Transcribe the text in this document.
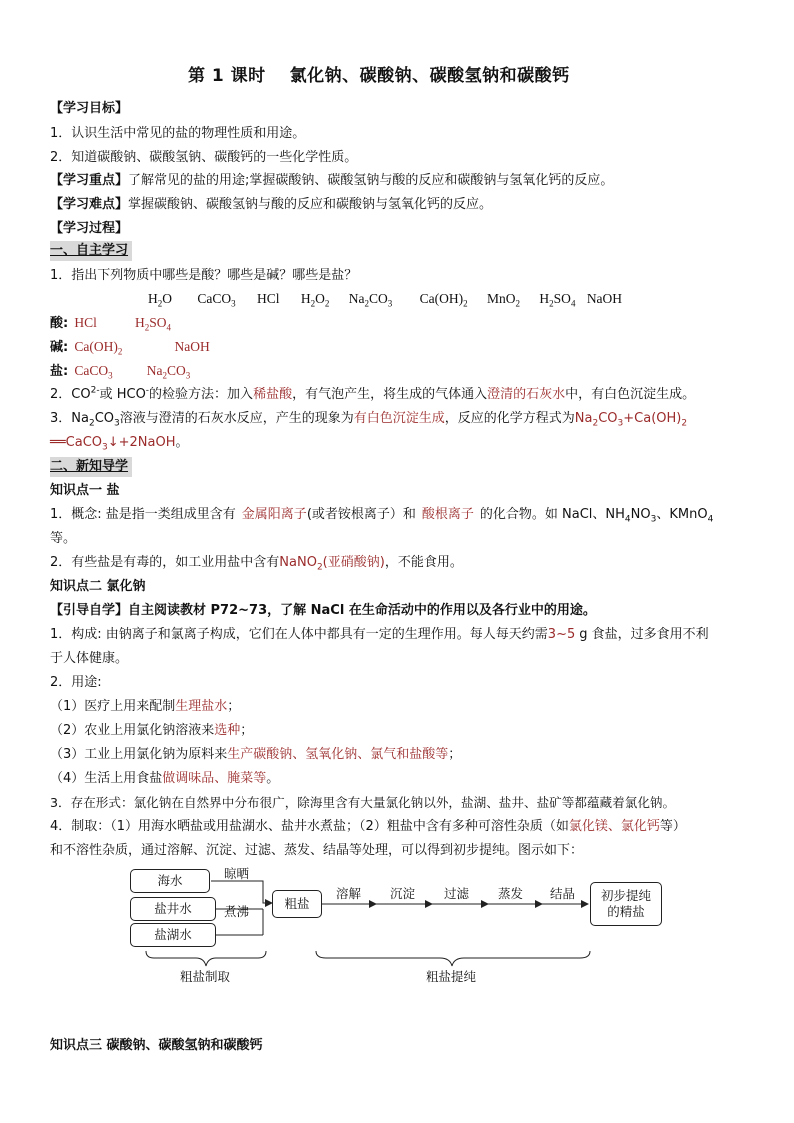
第 1 课时　 氯化钠、碳酸钠、碳酸氢钠和碳酸钙
【学习目标】
1．认识生活中常见的盐的物理性质和用途。
2．知道碳酸钠、碳酸氢钠、碳酸钙的一些化学性质。
【学习重点】了解常见的盐的用途;掌握碳酸钠、碳酸氢钠与酸的反应和碳酸钠与氢氧化钙的反应。
【学习难点】掌握碳酸钠、碳酸氢钠与酸的反应和碳酸钠与氢氧化钙的反应。
【学习过程】
一、自主学习
1．指出下列物质中哪些是酸？哪些是碱？哪些是盐？
$H_2O$ CaCO$_3$ HCl $H_2O_2$ $Na_2CO_3$ $Ca(OH)_2$ MnO$_2$ $H_2SO_4$ NaOH
酸: HCl	$H_2SO_4$
碱: $Ca(OH)_2$	NaOH
盐: CaCO$_3$	$Na_2CO_3$
2．$CO^{2-}$或 HCO-的检验方法：加入稀盐酸，有气泡产生，将生成的气体通入澄清的石灰水中，有白色沉淀生成。
3．$Na_2CO_3$溶液与澄清的石灰水反应，产生的现象为有白色沉淀生成，反应的化学方程式为$Na_2CO_3+Ca(OH)_2$
══CaCO$_3$↓+2NaOH。
二、新知导学
知识点一 盐
1．概念: 盐是指一类组成里含有 金属阳离子(或者铵根离子）和 酸根离子 的化合物。如 NaCl、$NH_4NO_3$、KMnO$_4$
等。
2．有些盐是有毒的，如工业用盐中含有NaNO$_2$(亚硝酸钠)，不能食用。
知识点二 氯化钠
【引导自学】自主阅读教材 P72~73，了解 NaCl 在生命活动中的作用以及各行业中的用途。
1．构成: 由钠离子和氯离子构成，它们在人体中都具有一定的生理作用。每人每天约需3~5 g 食盐，过多食用不利
于人体健康。
2．用途:
（1）医疗上用来配制生理盐水；
（2）农业上用氯化钠溶液来选种；
（3）工业上用氯化钠为原料来生产碳酸钠、氢氧化钠、氯气和盐酸等；
（4）生活上用食盐做调味品、腌菜等。
3．存在形式：氯化钠在自然界中分布很广，除海里含有大量氯化钠以外，盐湖、盐井、盐矿等都蕴藏着氯化钠。
4．制取：（1）用海水晒盐或用盐湖水、盐井水煮盐；（2）粗盐中含有多种可溶性杂质（如氯化镁、氯化钙等）
和不溶性杂质，通过溶解、沉淀、过滤、蒸发、结晶等处理，可以得到初步提纯。图示如下：
海水
盐井水
盐湖水
晾晒
煮沸
粗盐
溶解 沉淀 过滤 蒸发 结晶	初步提纯的精盐
粗盐制取	粗盐提纯
知识点三 碳酸钠、碳酸氢钠和碳酸钙
